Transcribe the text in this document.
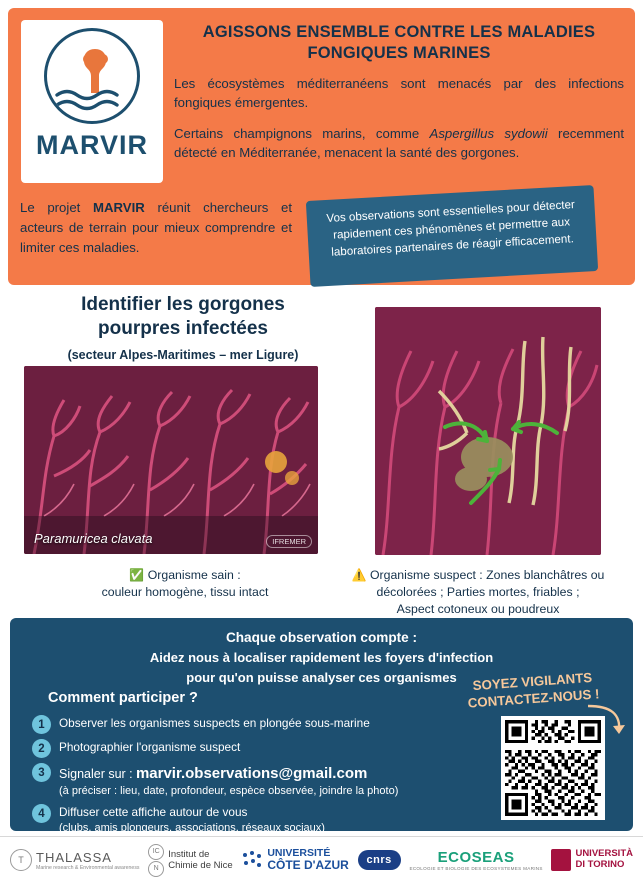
MARVIR
AGISSONS ENSEMBLE CONTRE LES MALADIES
FONGIQUES MARINES
Les écosystèmes méditerranéens sont menacés par des infections fongiques émergentes.
Certains champignons marins, comme Aspergillus sydowii recemment détecté en Méditerranée, menacent la santé des gorgones.
Le projet MARVIR réunit chercheurs et acteurs de terrain pour mieux comprendre et limiter ces maladies.
Vos observations sont essentielles pour détecter rapidement ces phénomènes et permettre aux laboratoires partenaires de réagir efficacement.
Identifier les gorgones
pourpres infectées
(secteur Alpes-Maritimes – mer Ligure)
Paramuricea clavata	IFREMER
✅ Organisme sain :
couleur homogène, tissu intact
⚠️ Organisme suspect : Zones blanchâtres ou
décolorées ; Parties mortes, friables ;
Aspect cotoneux ou poudreux
Chaque observation compte :
Aidez nous à localiser rapidement les foyers d'infection
pour qu'on puisse analyser ces organismes
Comment participer ?
1	Observer les organismes suspects en plongée sous-marine
2	Photographier l'organisme suspect
3	Signaler sur : marvir.observations@gmail.com
(à préciser : lieu, date, profondeur, espèce observée, joindre la photo)
4	Diffuser cette affiche autour de vous
(clubs, amis plongeurs, associations, réseaux sociaux)
SOYEZ VIGILANTS
CONTACTEZ-NOUS !
T THALASSA
Marine research & Environmental awareness
IC
N
Institut de
Chimie de Nice
UNIVERSITÉ
CÔTE D'AZUR	cnrs	ECOSEAS
ECOLOGIE ET BIOLOGIE DES ECOSYSTEMES MARINS
UNIVERSITÀ
DI TORINO
